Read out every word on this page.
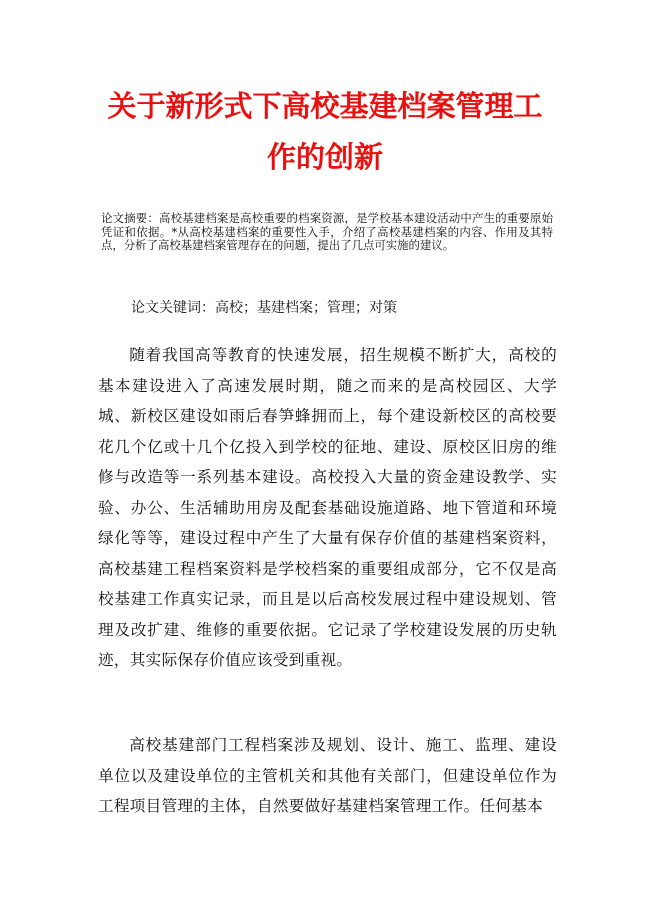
关于新形式下高校基建档案管理工
作的创新

论文摘要：高校基建档案是高校重要的档案资源，是学校基本建设活动中产生的重要原始凭证和依据。*从高校基建档案的重要性入手，介绍了高校基建档案的内容、作用及其特点，分析了高校基建档案管理存在的问题，提出了几点可实施的建议。

论文关键词：高校；基建档案；管理；对策

随着我国高等教育的快速发展，招生规模不断扩大，高校的基本建设进入了高速发展时期，随之而来的是高校园区、大学城、新校区建设如雨后春笋蜂拥而上，每个建设新校区的高校要花几个亿或十几个亿投入到学校的征地、建设、原校区旧房的维修与改造等一系列基本建设。高校投入大量的资金建设教学、实验、办公、生活辅助用房及配套基础设施道路、地下管道和环境绿化等等，建设过程中产生了大量有保存价值的基建档案资料，高校基建工程档案资料是学校档案的重要组成部分，它不仅是高校基建工作真实记录，而且是以后高校发展过程中建设规划、管理及改扩建、维修的重要依据。它记录了学校建设发展的历史轨迹，其实际保存价值应该受到重视。

高校基建部门工程档案涉及规划、设计、施工、监理、建设单位以及建设单位的主管机关和其他有关部门，但建设单位作为工程项目管理的主体，自然要做好基建档案管理工作。任何基本
